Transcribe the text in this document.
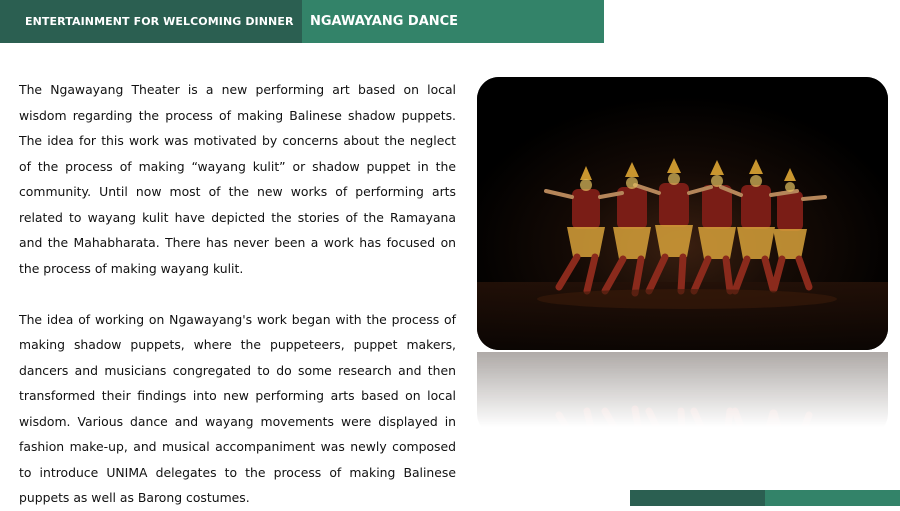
ENTERTAINMENT FOR WELCOMING DINNER	NGAWAYANG DANCE

The Ngawayang Theater is a new performing art based on local wisdom regarding the process of making Balinese shadow puppets. The idea for this work was motivated by concerns about the neglect of the process of making “wayang kulit” or shadow puppet in the community. Until now most of the new works of performing arts related to wayang kulit have depicted the stories of the Ramayana and the Mahabharata. There has never been a work has focused on the process of making wayang kulit.

The idea of working on Ngawayang's work began with the process of making shadow puppets, where the puppeteers, puppet makers, dancers and musicians congregated to do some research and then transformed their findings into new performing arts based on local wisdom. Various dance and wayang movements were displayed in fashion make-up, and musical accompaniment was newly composed to introduce UNIMA delegates to the process of making Balinese puppets as well as Barong costumes.
